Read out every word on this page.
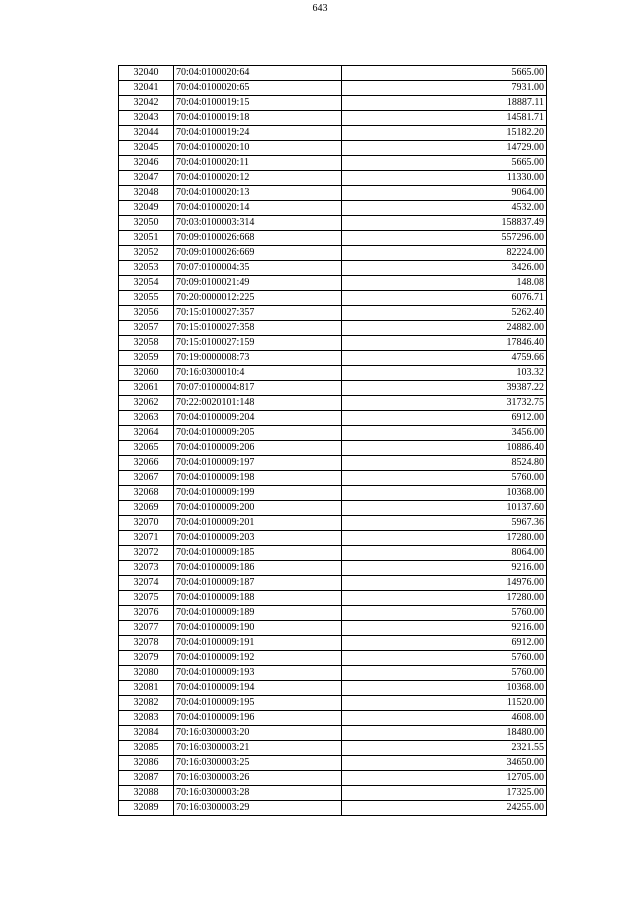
643
32040	70:04:0100020:64	5665.00
32041	70:04:0100020:65	7931.00
32042	70:04:0100019:15	18887.11
32043	70:04:0100019:18	14581.71
32044	70:04:0100019:24	15182.20
32045	70:04:0100020:10	14729.00
32046	70:04:0100020:11	5665.00
32047	70:04:0100020:12	11330.00
32048	70:04:0100020:13	9064.00
32049	70:04:0100020:14	4532.00
32050	70:03:0100003:314	158837.49
32051	70:09:0100026:668	557296.00
32052	70:09:0100026:669	82224.00
32053	70:07:0100004:35	3426.00
32054	70:09:0100021:49	148.08
32055	70:20:0000012:225	6076.71
32056	70:15:0100027:357	5262.40
32057	70:15:0100027:358	24882.00
32058	70:15:0100027:159	17846.40
32059	70:19:0000008:73	4759.66
32060	70:16:0300010:4	103.32
32061	70:07:0100004:817	39387.22
32062	70:22:0020101:148	31732.75
32063	70:04:0100009:204	6912.00
32064	70:04:0100009:205	3456.00
32065	70:04:0100009:206	10886.40
32066	70:04:0100009:197	8524.80
32067	70:04:0100009:198	5760.00
32068	70:04:0100009:199	10368.00
32069	70:04:0100009:200	10137.60
32070	70:04:0100009:201	5967.36
32071	70:04:0100009:203	17280.00
32072	70:04:0100009:185	8064.00
32073	70:04:0100009:186	9216.00
32074	70:04:0100009:187	14976.00
32075	70:04:0100009:188	17280.00
32076	70:04:0100009:189	5760.00
32077	70:04:0100009:190	9216.00
32078	70:04:0100009:191	6912.00
32079	70:04:0100009:192	5760.00
32080	70:04:0100009:193	5760.00
32081	70:04:0100009:194	10368.00
32082	70:04:0100009:195	11520.00
32083	70:04:0100009:196	4608.00
32084	70:16:0300003:20	18480.00
32085	70:16:0300003:21	2321.55
32086	70:16:0300003:25	34650.00
32087	70:16:0300003:26	12705.00
32088	70:16:0300003:28	17325.00
32089	70:16:0300003:29	24255.00
